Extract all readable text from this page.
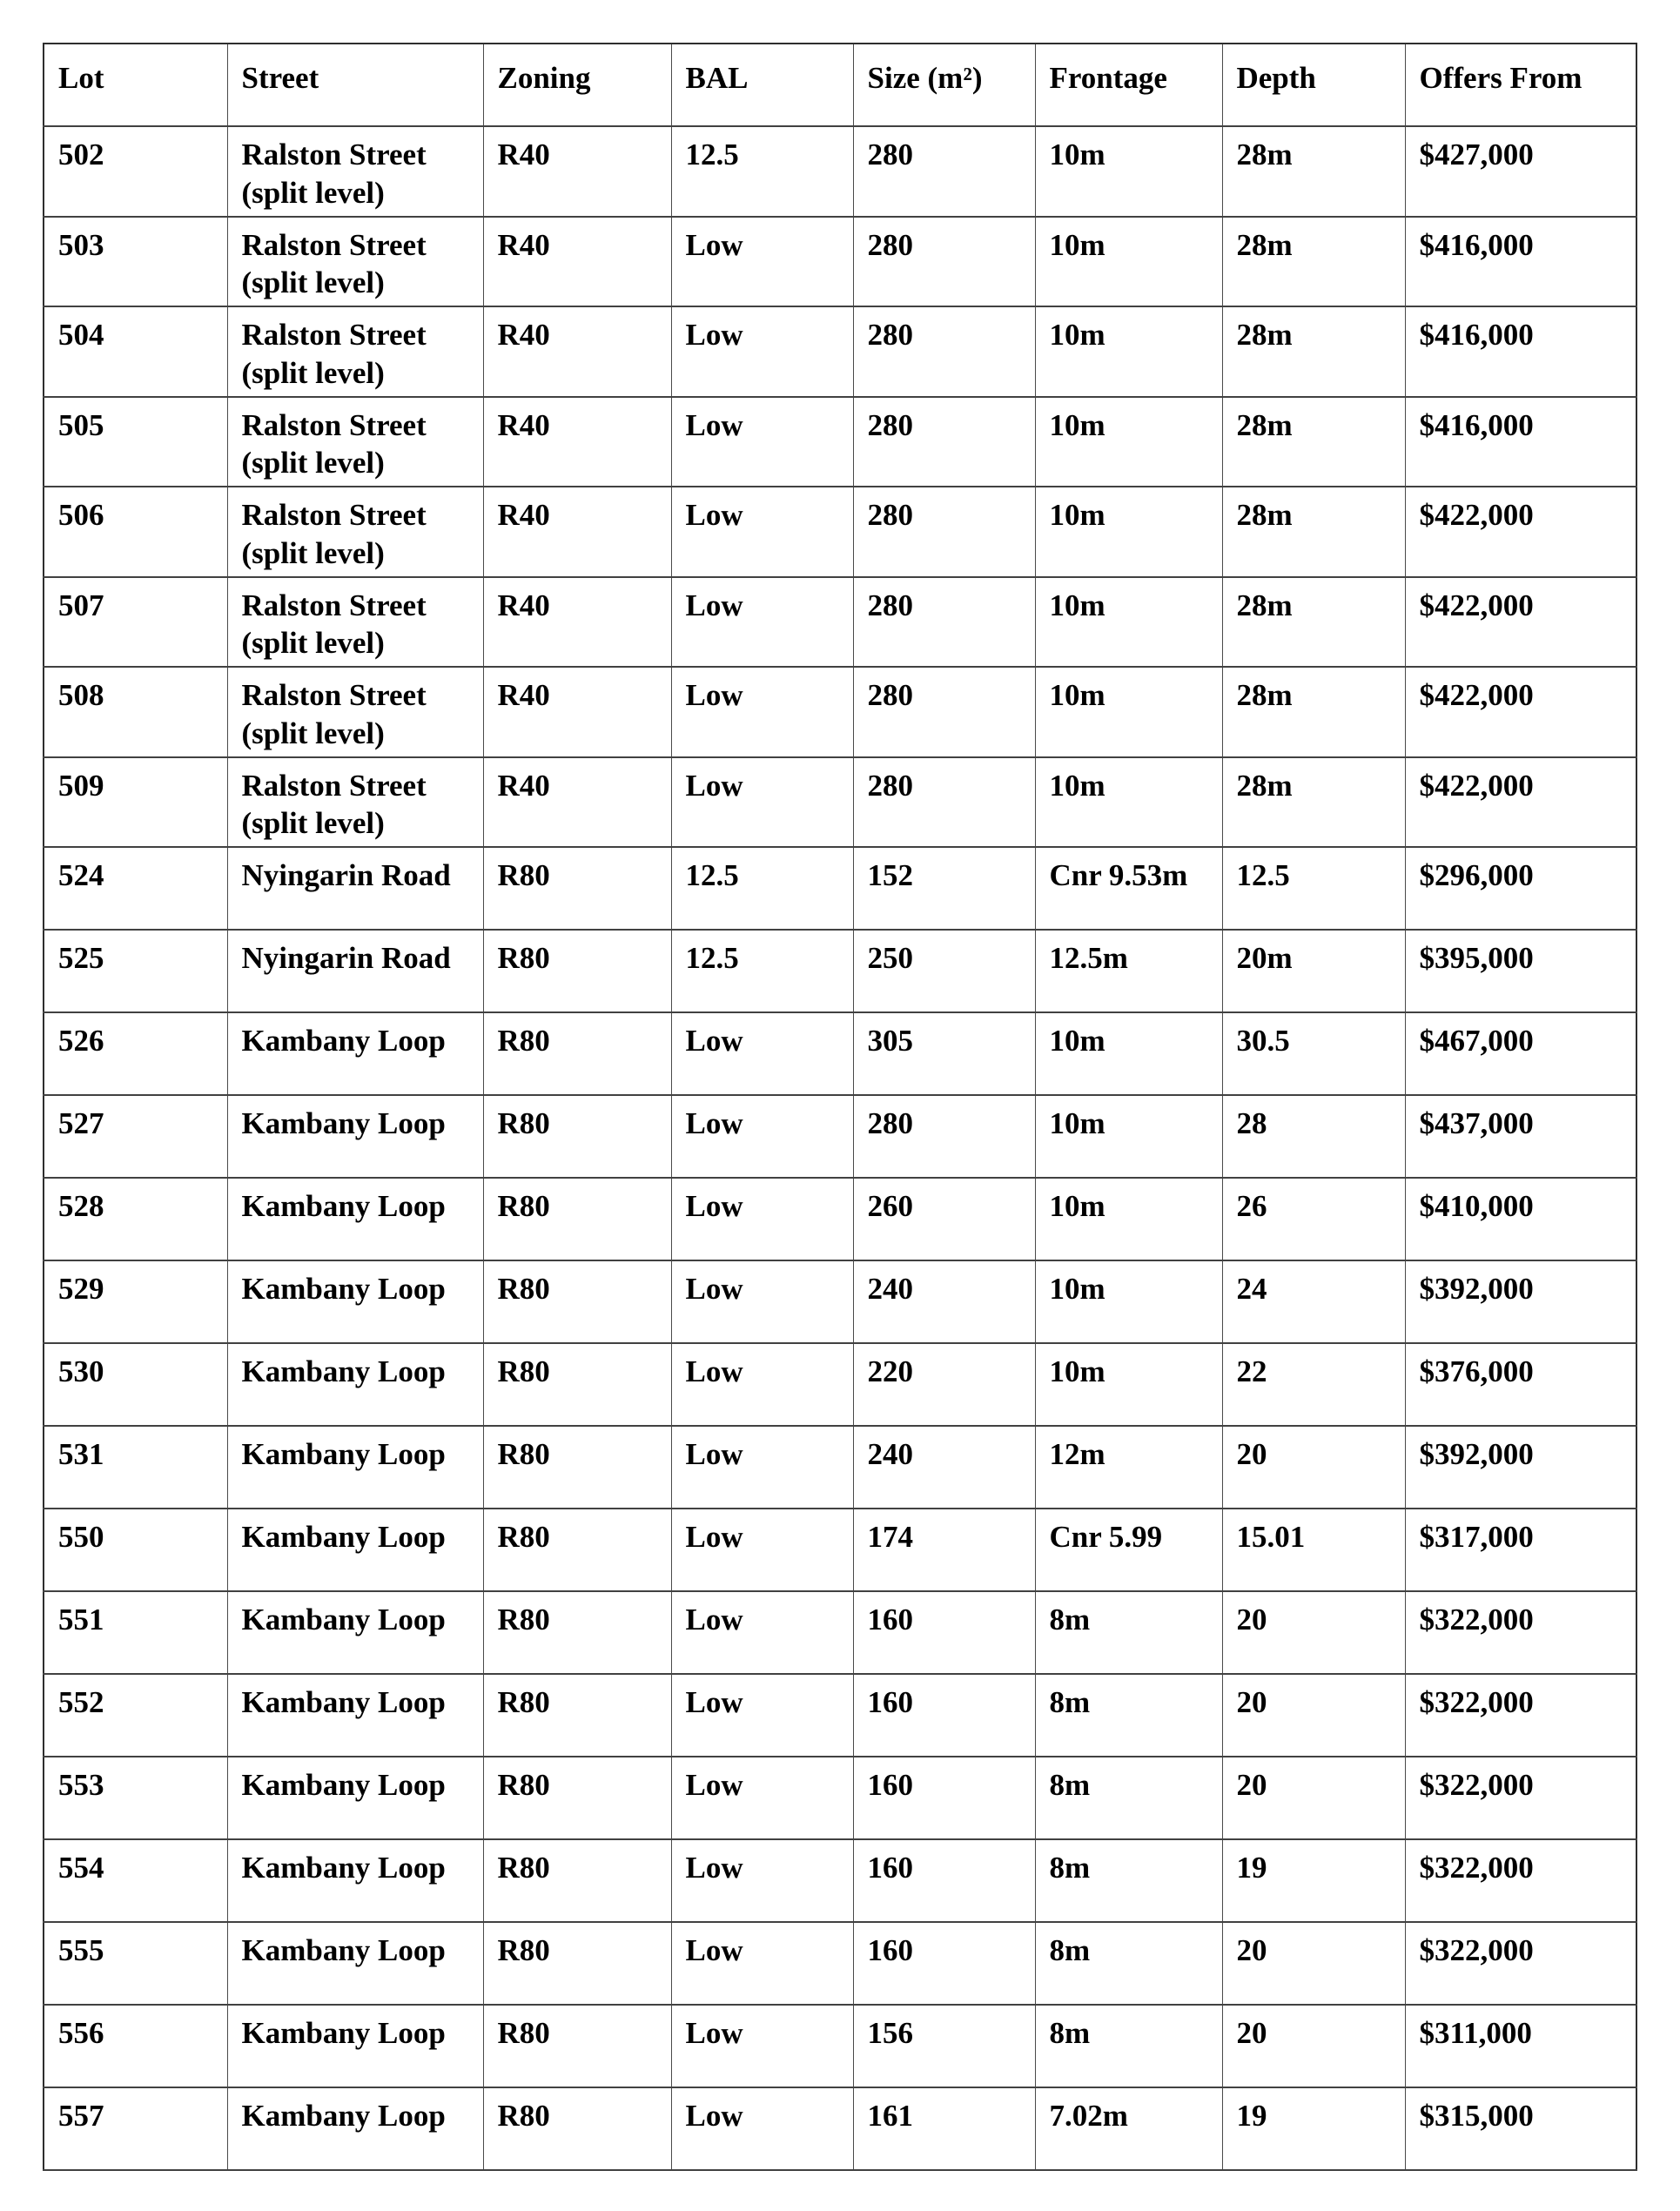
Lot	Street	Zoning	BAL	Size (m²)	Frontage	Depth	Offers From
502	Ralston Street (split level)	R40	12.5	280	10m	28m	$427,000
503	Ralston Street (split level)	R40	Low	280	10m	28m	$416,000
504	Ralston Street (split level)	R40	Low	280	10m	28m	$416,000
505	Ralston Street (split level)	R40	Low	280	10m	28m	$416,000
506	Ralston Street (split level)	R40	Low	280	10m	28m	$422,000
507	Ralston Street (split level)	R40	Low	280	10m	28m	$422,000
508	Ralston Street (split level)	R40	Low	280	10m	28m	$422,000
509	Ralston Street (split level)	R40	Low	280	10m	28m	$422,000
524	Nyingarin Road	R80	12.5	152	Cnr 9.53m	12.5	$296,000
525	Nyingarin Road	R80	12.5	250	12.5m	20m	$395,000
526	Kambany Loop	R80	Low	305	10m	30.5	$467,000
527	Kambany Loop	R80	Low	280	10m	28	$437,000
528	Kambany Loop	R80	Low	260	10m	26	$410,000
529	Kambany Loop	R80	Low	240	10m	24	$392,000
530	Kambany Loop	R80	Low	220	10m	22	$376,000
531	Kambany Loop	R80	Low	240	12m	20	$392,000
550	Kambany Loop	R80	Low	174	Cnr 5.99	15.01	$317,000
551	Kambany Loop	R80	Low	160	8m	20	$322,000
552	Kambany Loop	R80	Low	160	8m	20	$322,000
553	Kambany Loop	R80	Low	160	8m	20	$322,000
554	Kambany Loop	R80	Low	160	8m	19	$322,000
555	Kambany Loop	R80	Low	160	8m	20	$322,000
556	Kambany Loop	R80	Low	156	8m	20	$311,000
557	Kambany Loop	R80	Low	161	7.02m	19	$315,000
